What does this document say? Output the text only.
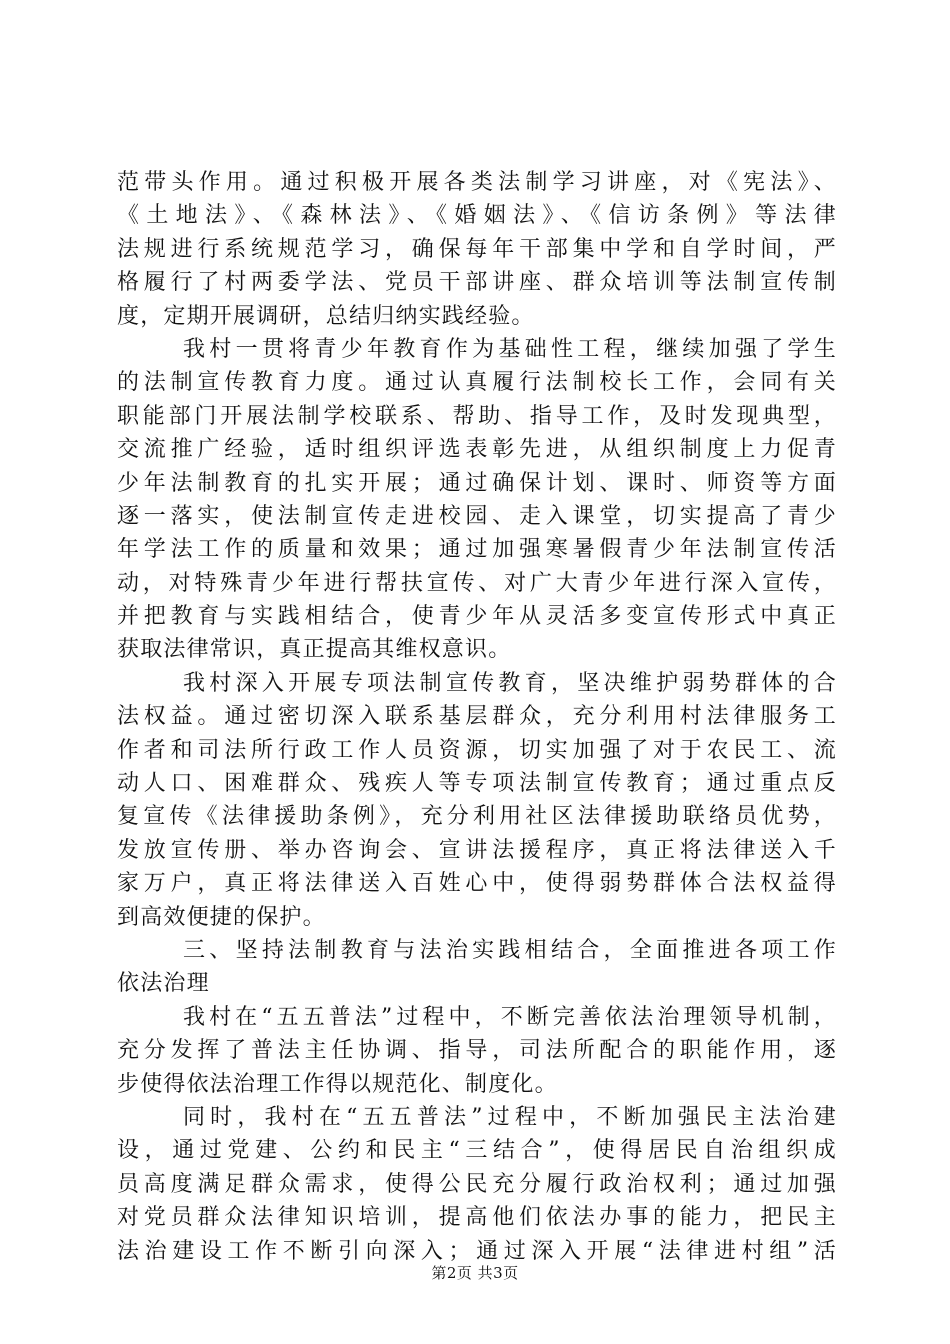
范带头作用。通过积极开展各类法制学习讲座，对《宪法》、
《土地法》、《森林法》、《婚姻法》、《信访条例》等法律
法规进行系统规范学习，确保每年干部集中学和自学时间，严
格履行了村两委学法、党员干部讲座、群众培训等法制宣传制
度，定期开展调研，总结归纳实践经验。
我村一贯将青少年教育作为基础性工程，继续加强了学生
的法制宣传教育力度。通过认真履行法制校长工作，会同有关
职能部门开展法制学校联系、帮助、指导工作，及时发现典型，
交流推广经验，适时组织评选表彰先进，从组织制度上力促青
少年法制教育的扎实开展；通过确保计划、课时、师资等方面
逐一落实，使法制宣传走进校园、走入课堂，切实提高了青少
年学法工作的质量和效果；通过加强寒暑假青少年法制宣传活
动，对特殊青少年进行帮扶宣传、对广大青少年进行深入宣传，
并把教育与实践相结合，使青少年从灵活多变宣传形式中真正
获取法律常识，真正提高其维权意识。
我村深入开展专项法制宣传教育，坚决维护弱势群体的合
法权益。通过密切深入联系基层群众，充分利用村法律服务工
作者和司法所行政工作人员资源，切实加强了对于农民工、流
动人口、困难群众、残疾人等专项法制宣传教育；通过重点反
复宣传《法律援助条例》，充分利用社区法律援助联络员优势，
发放宣传册、举办咨询会、宣讲法援程序，真正将法律送入千
家万户，真正将法律送入百姓心中，使得弱势群体合法权益得
到高效便捷的保护。
三、坚持法制教育与法治实践相结合，全面推进各项工作
依法治理
我村在“五五普法”过程中，不断完善依法治理领导机制，
充分发挥了普法主任协调、指导，司法所配合的职能作用，逐
步使得依法治理工作得以规范化、制度化。
同时，我村在“五五普法”过程中，不断加强民主法治建
设，通过党建、公约和民主“三结合”，使得居民自治组织成
员高度满足群众需求，使得公民充分履行政治权利；通过加强
对党员群众法律知识培训，提高他们依法办事的能力，把民主
法治建设工作不断引向深入；通过深入开展“法律进村组”活
第2页 共3页
